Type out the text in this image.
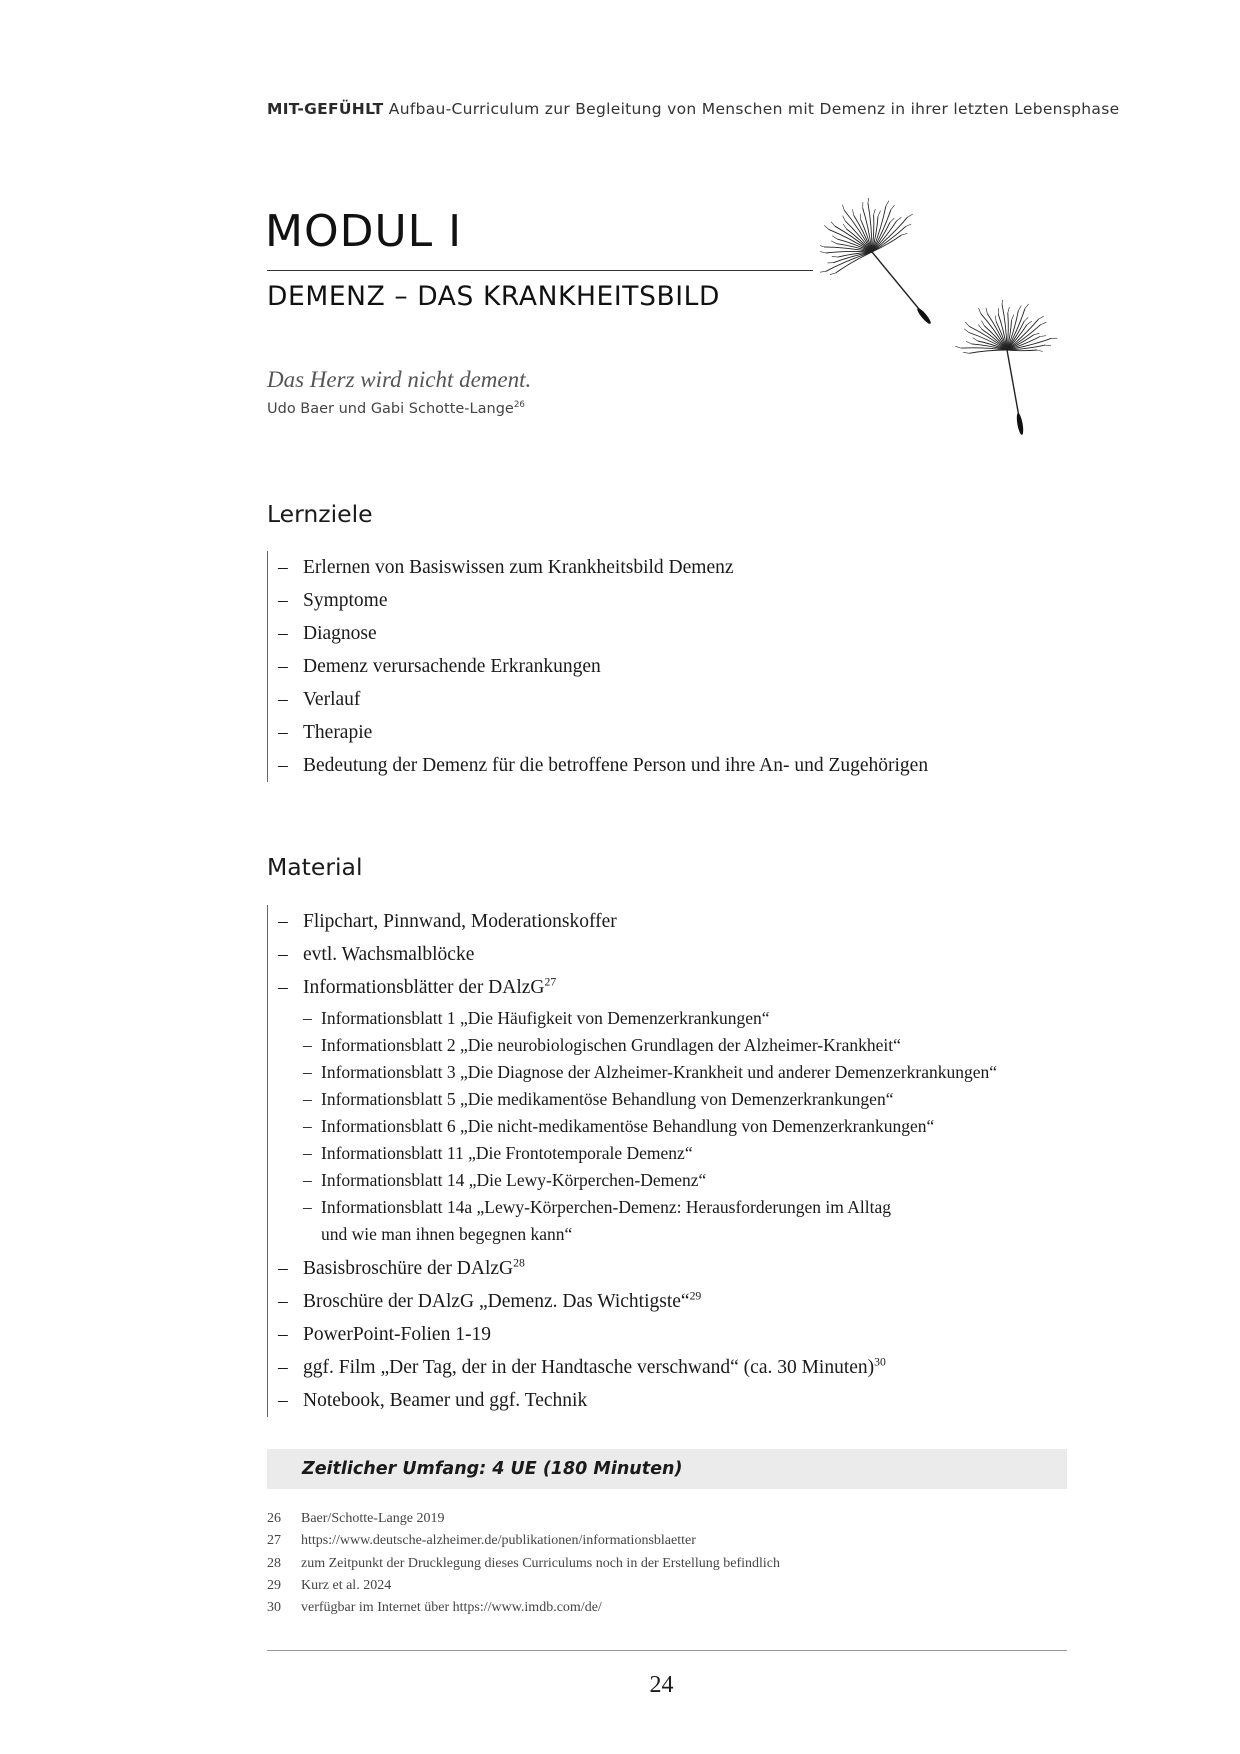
MIT-GEFÜHLT Aufbau-Curriculum zur Begleitung von Menschen mit Demenz in ihrer letzten Lebensphase
MODUL I
DEMENZ – DAS KRANKHEITSBILD
Das Herz wird nicht dement.
Udo Baer und Gabi Schotte-Lange$^{26}$
Lernziele
– Erlernen von Basiswissen zum Krankheitsbild Demenz
– Symptome
– Diagnose
– Demenz verursachende Erkrankungen
– Verlauf
– Therapie
– Bedeutung der Demenz für die betroffene Person und ihre An- und Zugehörigen
Material
– Flipchart, Pinnwand, Moderationskoffer
– evtl. Wachsmalblöcke
– Informationsblätter der DAlzG$^{27}$
– Informationsblatt 1 „Die Häufigkeit von Demenzerkrankungen“
– Informationsblatt 2 „Die neurobiologischen Grundlagen der Alzheimer-Krankheit“
– Informationsblatt 3 „Die Diagnose der Alzheimer-Krankheit und anderer Demenzerkrankungen“
– Informationsblatt 5 „Die medikamentöse Behandlung von Demenzerkrankungen“
– Informationsblatt 6 „Die nicht-medikamentöse Behandlung von Demenzerkrankungen“
– Informationsblatt 11 „Die Frontotemporale Demenz“
– Informationsblatt 14 „Die Lewy-Körperchen-Demenz“
– Informationsblatt 14a „Lewy-Körperchen-Demenz: Herausforderungen im Alltag
und wie man ihnen begegnen kann“
– Basisbroschüre der DAlzG$^{28}$
– Broschüre der DAlzG „Demenz. Das Wichtigste“$^{29}$
– PowerPoint-Folien 1-19
– ggf. Film „Der Tag, der in der Handtasche verschwand“ (ca. 30 Minuten)$^{30}$
– Notebook, Beamer und ggf. Technik
Zeitlicher Umfang: 4 UE (180 Minuten)
26 Baer/Schotte-Lange 2019
27 https://www.deutsche-alzheimer.de/publikationen/informationsblaetter
28 zum Zeitpunkt der Drucklegung dieses Curriculums noch in der Erstellung befindlich
29 Kurz et al. 2024
30 verfügbar im Internet über https://www.imdb.com/de/
24
